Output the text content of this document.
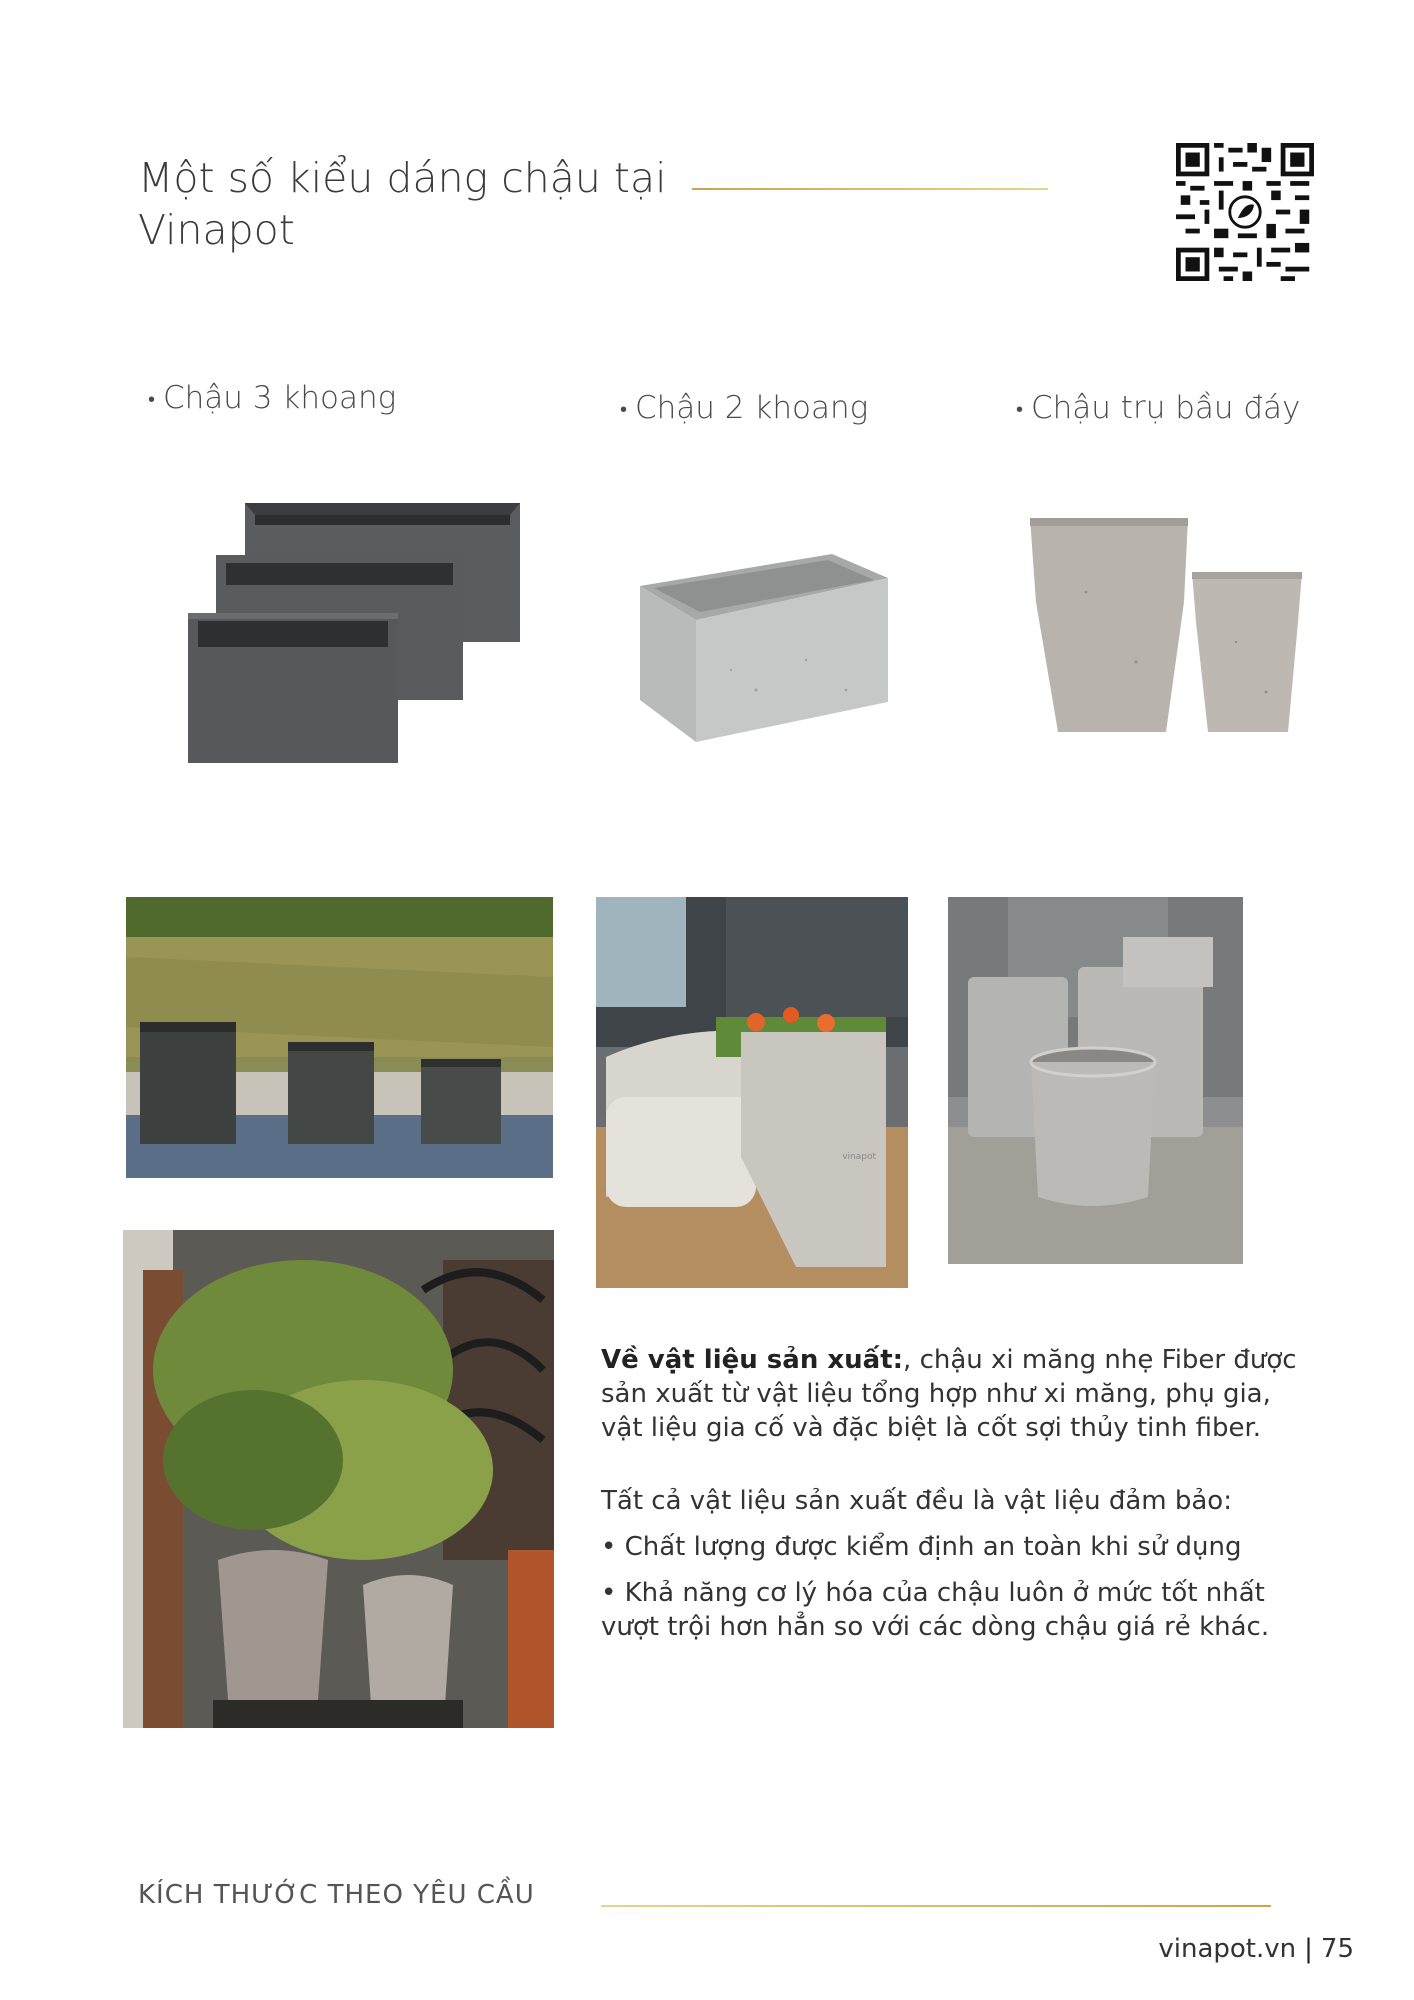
Một số kiểu dáng chậu tại
Vinapot
• Chậu 3 khoang	• Chậu 2 khoang	• Chậu trụ bầu đáy
vinapot
Về vật liệu sản xuất:, chậu xi măng nhẹ Fiber được
sản xuất từ vật liệu tổng hợp như xi măng, phụ gia,
vật liệu gia cố và đặc biệt là cốt sợi thủy tinh fiber.
Tất cả vật liệu sản xuất đều là vật liệu đảm bảo:
• Chất lượng được kiểm định an toàn khi sử dụng
• Khả năng cơ lý hóa của chậu luôn ở mức tốt nhất
vượt trội hơn hẳn so với các dòng chậu giá rẻ khác.
KÍCH THƯỚC THEO YÊU CẦU
vinapot.vn | 75
